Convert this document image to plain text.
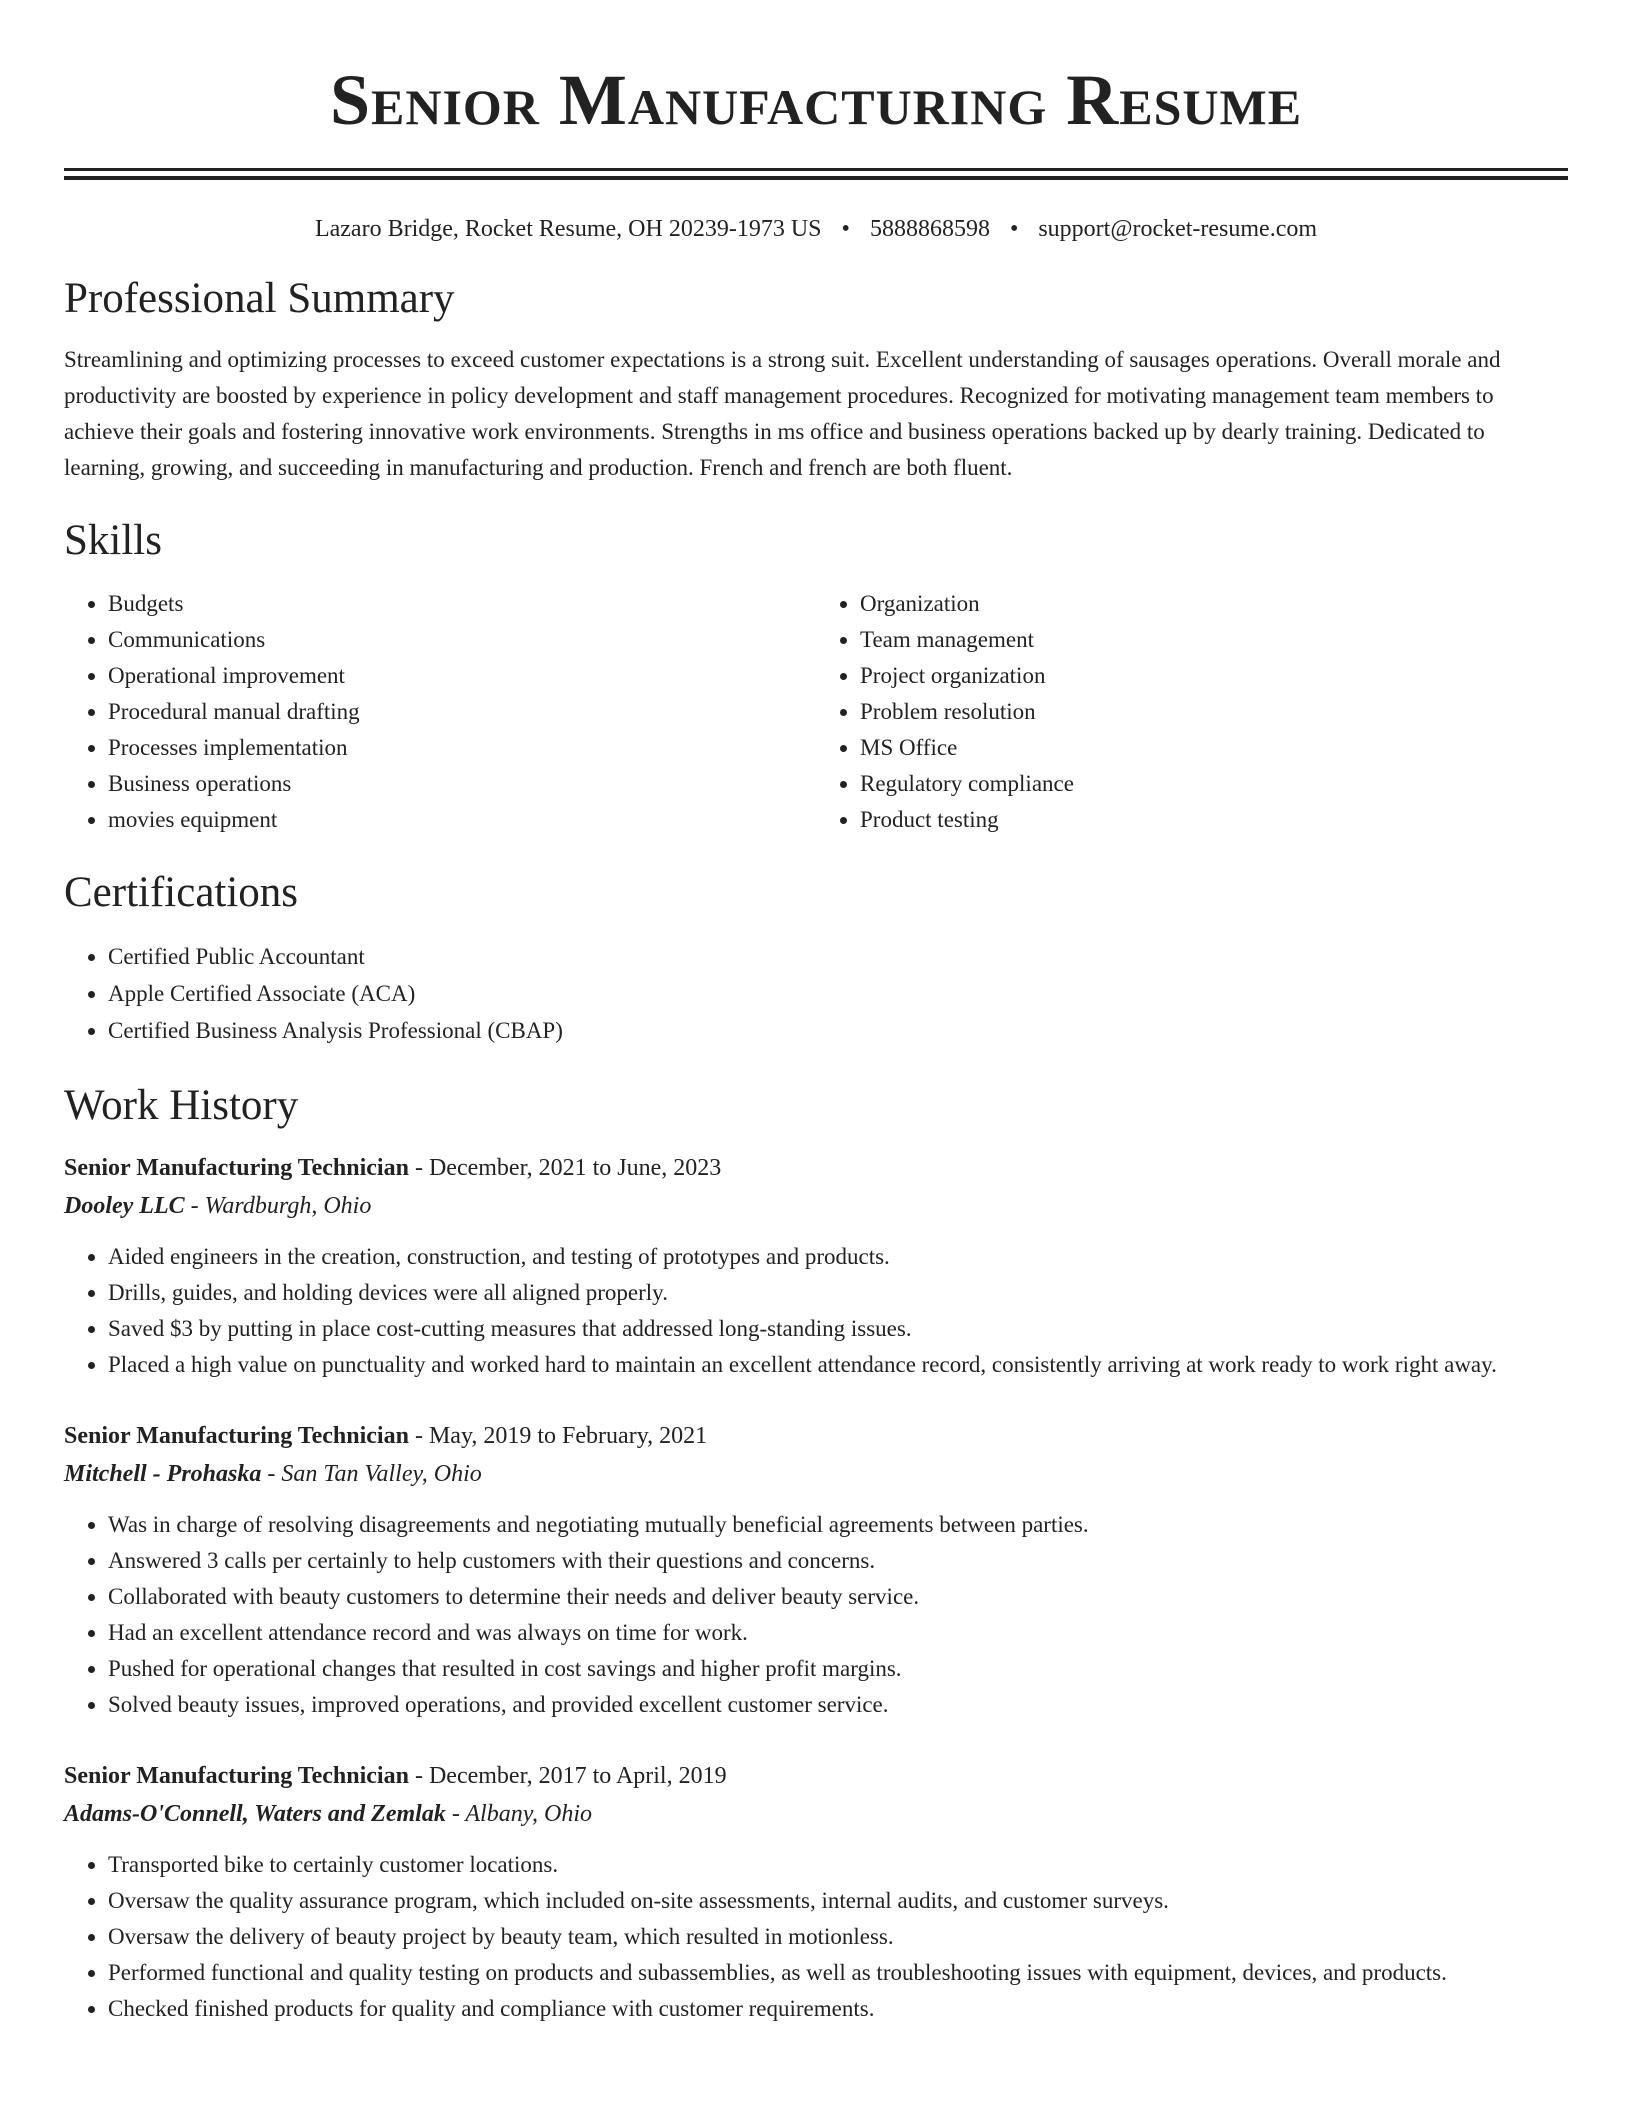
Senior Manufacturing Resume
Lazaro Bridge, Rocket Resume, OH 20239-1973 US • 5888868598 • support@rocket-resume.com
Professional Summary

Streamlining and optimizing processes to exceed customer expectations is a strong suit. Excellent understanding of sausages operations. Overall morale and productivity are boosted by experience in policy development and staff management procedures. Recognized for motivating management team members to achieve their goals and fostering innovative work environments. Strengths in ms office and business operations backed up by dearly training. Dedicated to learning, growing, and succeeding in manufacturing and production. French and french are both fluent.

Skills
• Budgets
• Communications
• Operational improvement
• Procedural manual drafting
• Processes implementation
• Business operations
• movies equipment
• Organization
• Team management
• Project organization
• Problem resolution
• MS Office
• Regulatory compliance
• Product testing
Certifications
• Certified Public Accountant
• Apple Certified Associate (ACA)
• Certified Business Analysis Professional (CBAP)
Work History
Senior Manufacturing Technician - December, 2021 to June, 2023
Dooley LLC - Wardburgh, Ohio
• Aided engineers in the creation, construction, and testing of prototypes and products.
• Drills, guides, and holding devices were all aligned properly.
• Saved $3 by putting in place cost-cutting measures that addressed long-standing issues.
• Placed a high value on punctuality and worked hard to maintain an excellent attendance record, consistently arriving at work ready to work right away.
Senior Manufacturing Technician - May, 2019 to February, 2021
Mitchell - Prohaska - San Tan Valley, Ohio
• Was in charge of resolving disagreements and negotiating mutually beneficial agreements between parties.
• Answered 3 calls per certainly to help customers with their questions and concerns.
• Collaborated with beauty customers to determine their needs and deliver beauty service.
• Had an excellent attendance record and was always on time for work.
• Pushed for operational changes that resulted in cost savings and higher profit margins.
• Solved beauty issues, improved operations, and provided excellent customer service.
Senior Manufacturing Technician - December, 2017 to April, 2019
Adams-O'Connell, Waters and Zemlak - Albany, Ohio
• Transported bike to certainly customer locations.
• Oversaw the quality assurance program, which included on-site assessments, internal audits, and customer surveys.
• Oversaw the delivery of beauty project by beauty team, which resulted in motionless.
• Performed functional and quality testing on products and subassemblies, as well as troubleshooting issues with equipment, devices, and products.
• Checked finished products for quality and compliance with customer requirements.
